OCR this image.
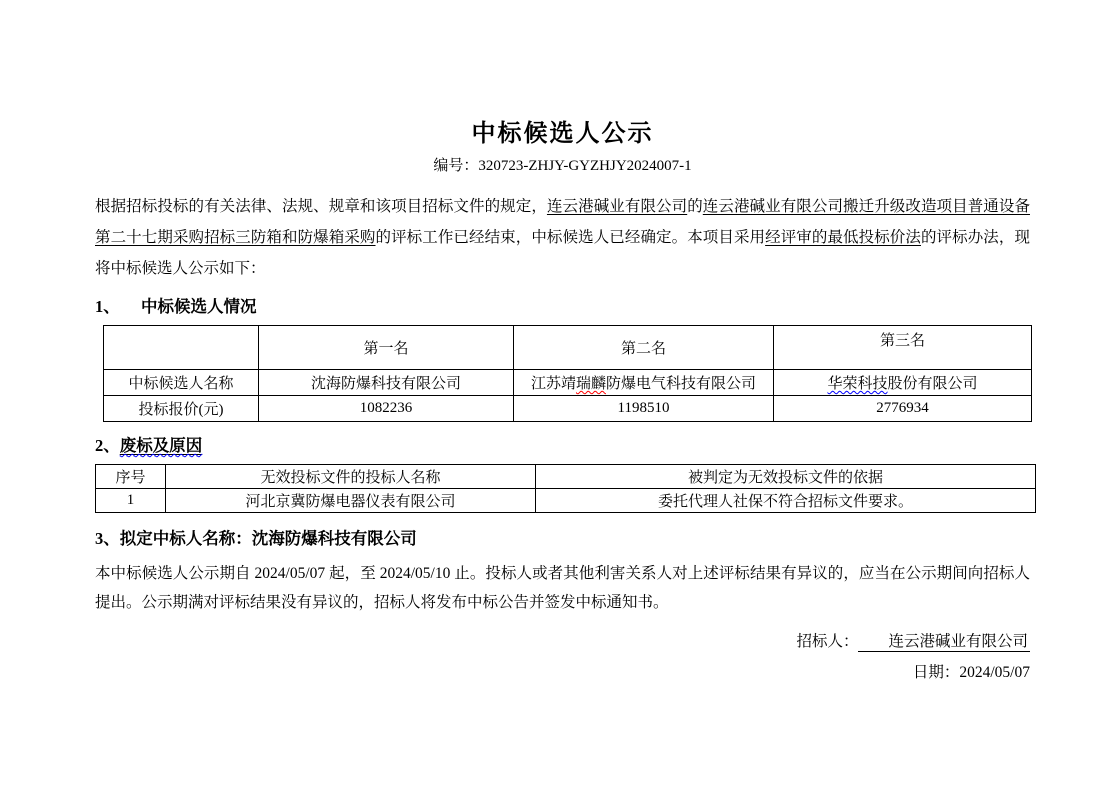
中标候选人公示
编号：320723-ZHJY-GYZHJY2024007-1
根据招标投标的有关法律、法规、规章和该项目招标文件的规定，连云港碱业有限公司的连云港碱业有限公司搬迁升级改造项目普通设备第二十七期采购招标三防箱和防爆箱采购的评标工作已经结束，中标候选人已经确定。本项目采用经评审的最低投标价法的评标办法，现将中标候选人公示如下：
1、 中标候选人情况
	第一名	第二名	第三名
中标候选人名称	沈海防爆科技有限公司	江苏靖瑞麟防爆电气科技有限公司	华荣科技股份有限公司
投标报价(元)	1082236	1198510	2776934
2、废标及原因
序号	无效投标文件的投标人名称	被判定为无效投标文件的依据
1	河北京冀防爆电器仪表有限公司	委托代理人社保不符合招标文件要求。
3、拟定中标人名称：沈海防爆科技有限公司
本中标候选人公示期自 2024/05/07 起，至 2024/05/10 止。投标人或者其他利害关系人对上述评标结果有异议的，应当在公示期间向招标人提出。公示期满对评标结果没有异议的，招标人将发布中标公告并签发中标通知书。
招标人： 连云港碱业有限公司
日期：2024/05/07
